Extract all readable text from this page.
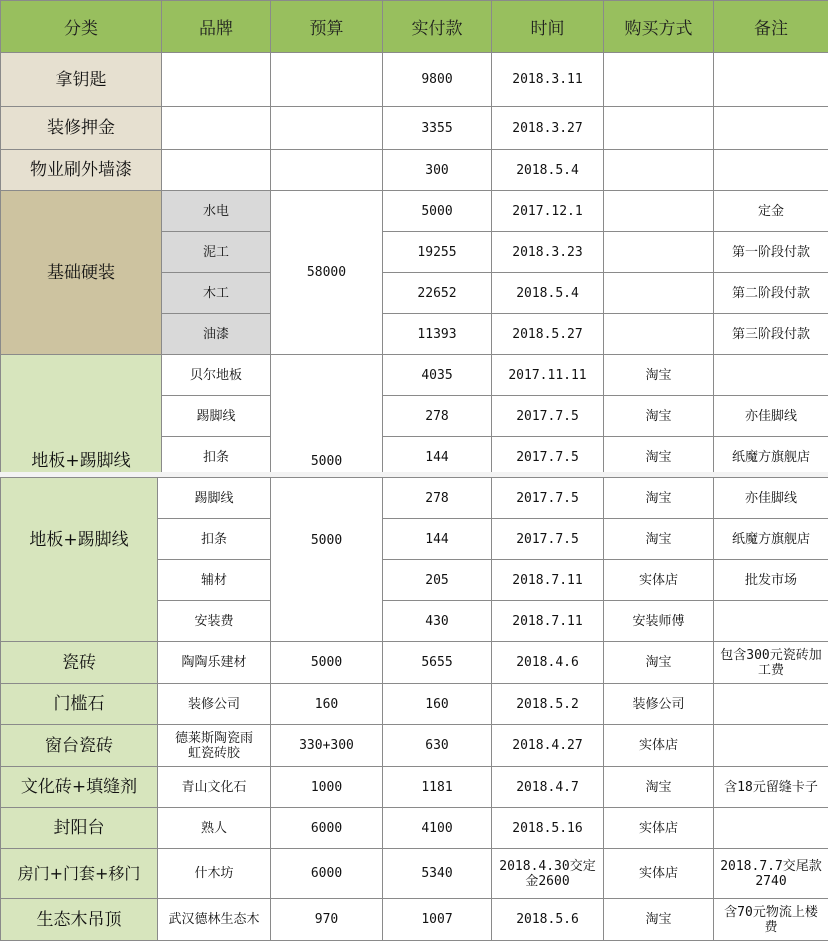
分类	品牌	预算	实付款	时间	购买方式	备注
拿钥匙			9800	2018.3.11		
装修押金			3355	2018.3.27		
物业刷外墙漆			300	2018.5.4		
基础硬装	水电	58000	5000	2017.12.1		定金
	泥工		19255	2018.3.23		第一阶段付款
	木工		22652	2018.5.4		第二阶段付款
	油漆		11393	2018.5.27		第三阶段付款
地板+踢脚线	贝尔地板	5000	4035	2017.11.11	淘宝	
	踢脚线		278	2017.7.5	淘宝	亦佳脚线
	扣条		144	2017.7.5	淘宝	纸魔方旗舰店
地板+踢脚线	踢脚线	5000	278	2017.7.5	淘宝	亦佳脚线
	扣条		144	2017.7.5	淘宝	纸魔方旗舰店
	辅材		205	2018.7.11	实体店	批发市场
	安装费		430	2018.7.11	安装师傅	
瓷砖	陶陶乐建材	5000	5655	2018.4.6	淘宝	包含300元瓷砖加工费
门槛石	装修公司	160	160	2018.5.2	装修公司	
窗台瓷砖	德莱斯陶瓷雨虹瓷砖胶	330+300	630	2018.4.27	实体店	
文化砖+填缝剂	青山文化石	1000	1181	2018.4.7	淘宝	含18元留缝卡子
封阳台	熟人	6000	4100	2018.5.16	实体店	
房门+门套+移门	什木坊	6000	5340	2018.4.30交定金2600	实体店	2018.7.7交尾款2740
生态木吊顶	武汉德林生态木	970	1007	2018.5.6	淘宝	含70元物流上楼费
